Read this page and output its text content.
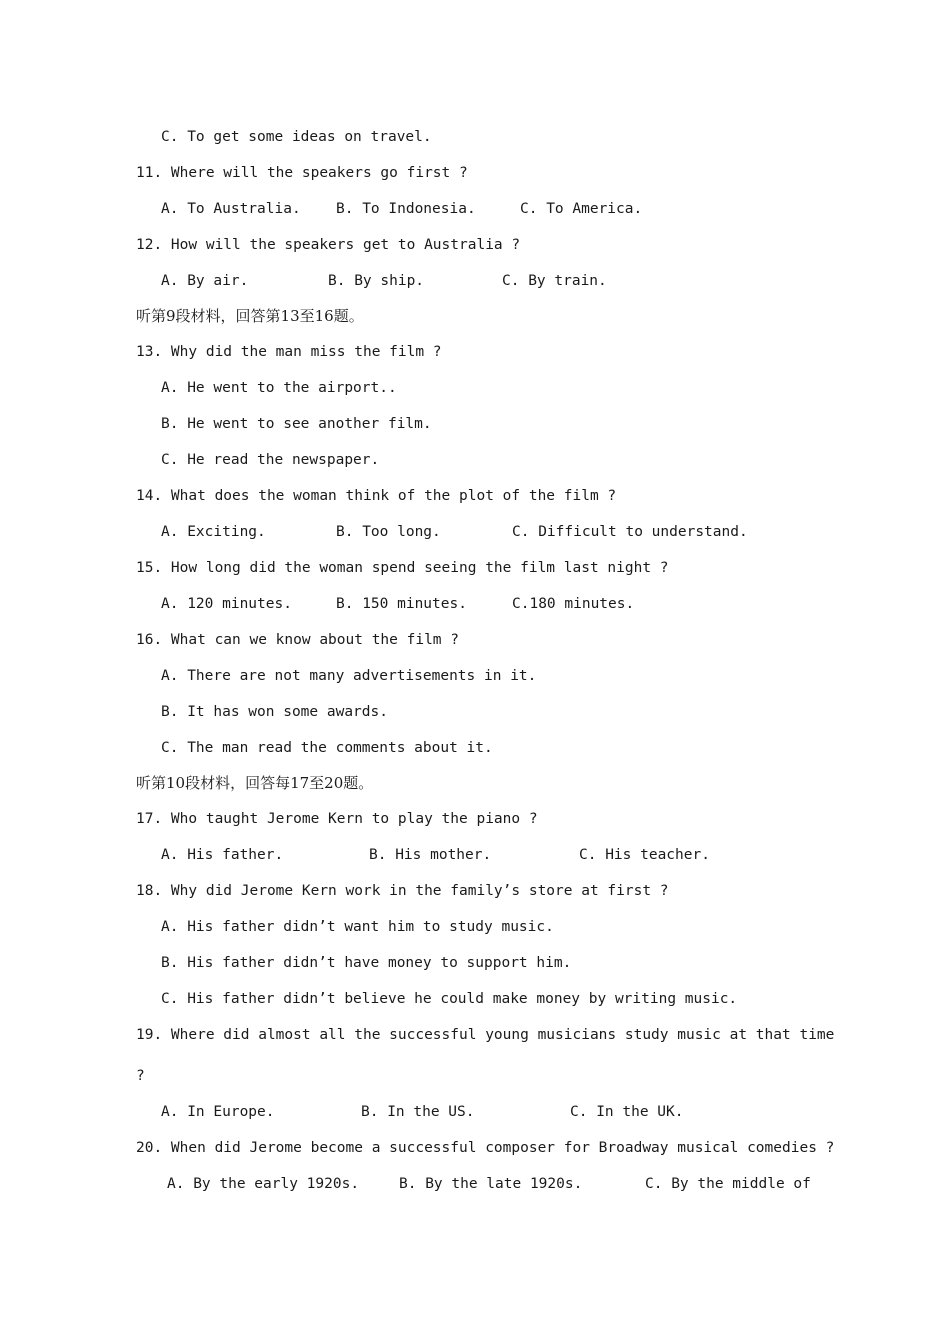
C. To get some ideas on travel.
11. Where will the speakers go first ?

A. To Australia.

B. To Indonesia.

	C. To America.

12. How will the speakers get to Australia ?

A. By air.

	B. By ship.

	C. By train.

听第9段材料，回答第13至16题。
13. Why did the man miss the film ?
A. He went to the airport..
B. He went to see another film.
C. He read the newspaper.
14. What does the woman think of the plot of the film ?

A. Exciting.

	B. Too long.

	C. Difficult to understand.

15. How long did the woman spend seeing the film last night ?

A. 120 minutes.

	B. 150 minutes.

	C.180 minutes.

16. What can we know about the film ?
A. There are not many advertisements in it.
B. It has won some awards.
C. The man read the comments about it.
听第10段材料，回答每17至20题。
17. Who taught Jerome Kern to play the piano ?

A. His father.

	B. His mother.

	C. His teacher.

18. Why did Jerome Kern work in the family’s store at first ?
A. His father didn’t want him to study music.
B. His father didn’t have money to support him.
C. His father didn’t believe he could make money by writing music.
19. Where did almost all the successful young musicians study music at that time
?

A. In Europe.

	B. In the US.

	C. In the UK.

20. When did Jerome become a successful composer for Broadway musical comedies ?

A. By the early 1920s.

	B. By the late 1920s.

	C. By the middle of
